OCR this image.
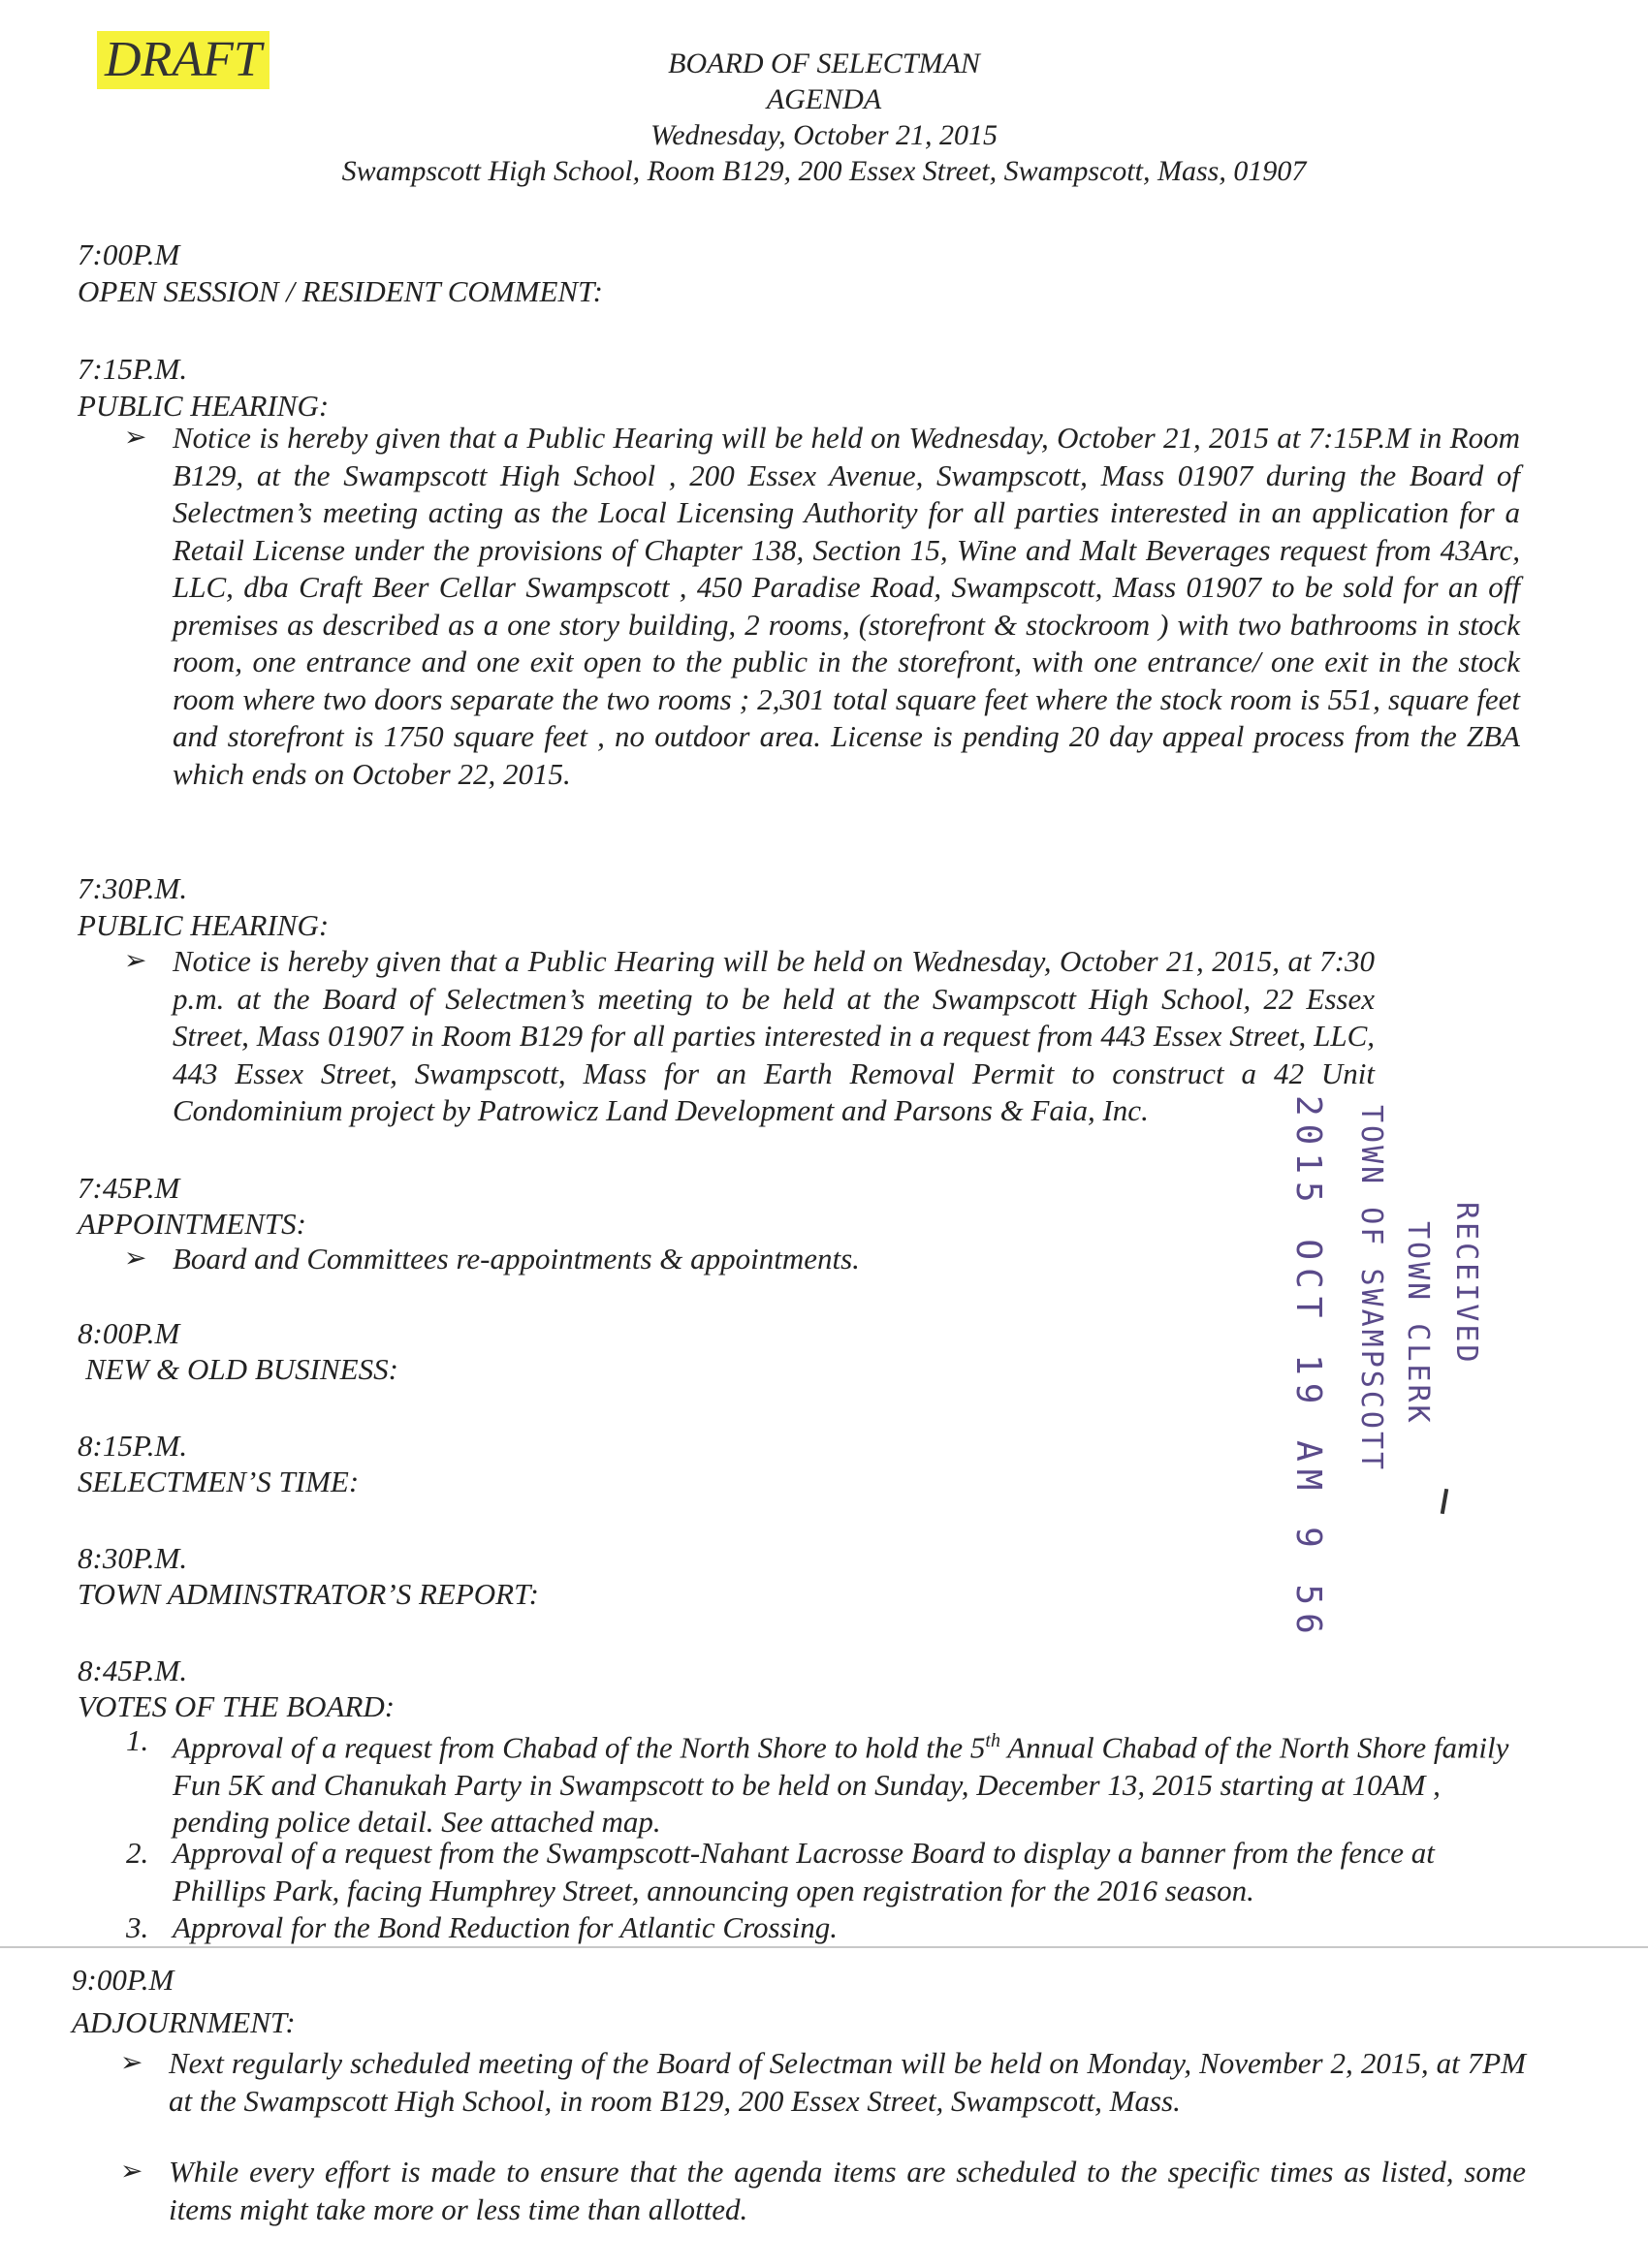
DRAFT	BOARD OF SELECTMAN
AGENDA
Wednesday, October 21, 2015
Swampscott High School, Room B129, 200 Essex Street, Swampscott, Mass, 01907
7:00P.M
OPEN SESSION / RESIDENT COMMENT:
7:15P.M.
PUBLIC HEARING:
➢ Notice is hereby given that a Public Hearing will be held on Wednesday, October 21, 2015 at 7:15P.M in Room B129, at the Swampscott High School , 200 Essex Avenue, Swampscott, Mass 01907 during the Board of Selectmen’s meeting acting as the Local Licensing Authority for all parties interested in an application for a Retail License under the provisions of Chapter 138, Section 15, Wine and Malt Beverages request from 43Arc, LLC, dba Craft Beer Cellar Swampscott , 450 Paradise Road, Swampscott, Mass 01907 to be sold for an off premises as described as a one story building, 2 rooms, (storefront & stockroom ) with two bathrooms in stock room, one entrance and one exit open to the public in the storefront, with one entrance/ one exit in the stock room where two doors separate the two rooms ; 2,301 total square feet where the stock room is 551, square feet and storefront is 1750 square feet , no outdoor area. License is pending 20 day appeal process from the ZBA which ends on October 22, 2015.
7:30P.M.
PUBLIC HEARING:
➢ Notice is hereby given that a Public Hearing will be held on Wednesday, October 21, 2015, at 7:30 p.m. at the Board of Selectmen’s meeting to be held at the Swampscott High School, 22 Essex Street, Mass 01907 in Room B129 for all parties interested in a request from 443 Essex Street, LLC, 443 Essex Street, Swampscott, Mass for an Earth Removal Permit to construct a 42 Unit Condominium project by Patrowicz Land Development and Parsons & Faia, Inc.
7:45P.M
APPOINTMENTS:
➢ Board and Committees re-appointments & appointments.
8:00P.M
NEW & OLD BUSINESS:
8:15P.M.
SELECTMEN’S TIME:
8:30P.M.
TOWN ADMINSTRATOR’S REPORT:
8:45P.M.
VOTES OF THE BOARD:
1. Approval of a request from Chabad of the North Shore to hold the 5th Annual Chabad of the North Shore family Fun 5K and Chanukah Party in Swampscott to be held on Sunday, December 13, 2015 starting at 10AM , pending police detail. See attached map.
2. Approval of a request from the Swampscott-Nahant Lacrosse Board to display a banner from the fence at Phillips Park, facing Humphrey Street, announcing open registration for the 2016 season.
3. Approval for the Bond Reduction for Atlantic Crossing.
9:00P.M
ADJOURNMENT:
➢ Next regularly scheduled meeting of the Board of Selectman will be held on Monday, November 2, 2015, at 7PM at the Swampscott High School, in room B129, 200 Essex Street, Swampscott, Mass.
➢ While every effort is made to ensure that the agenda items are scheduled to the specific times as listed, some items might take more or less time than allotted.
RECEIVED
TOWN CLERK
TOWN OF SWAMPSCOTT
2015 OCT 19 AM 9 56
